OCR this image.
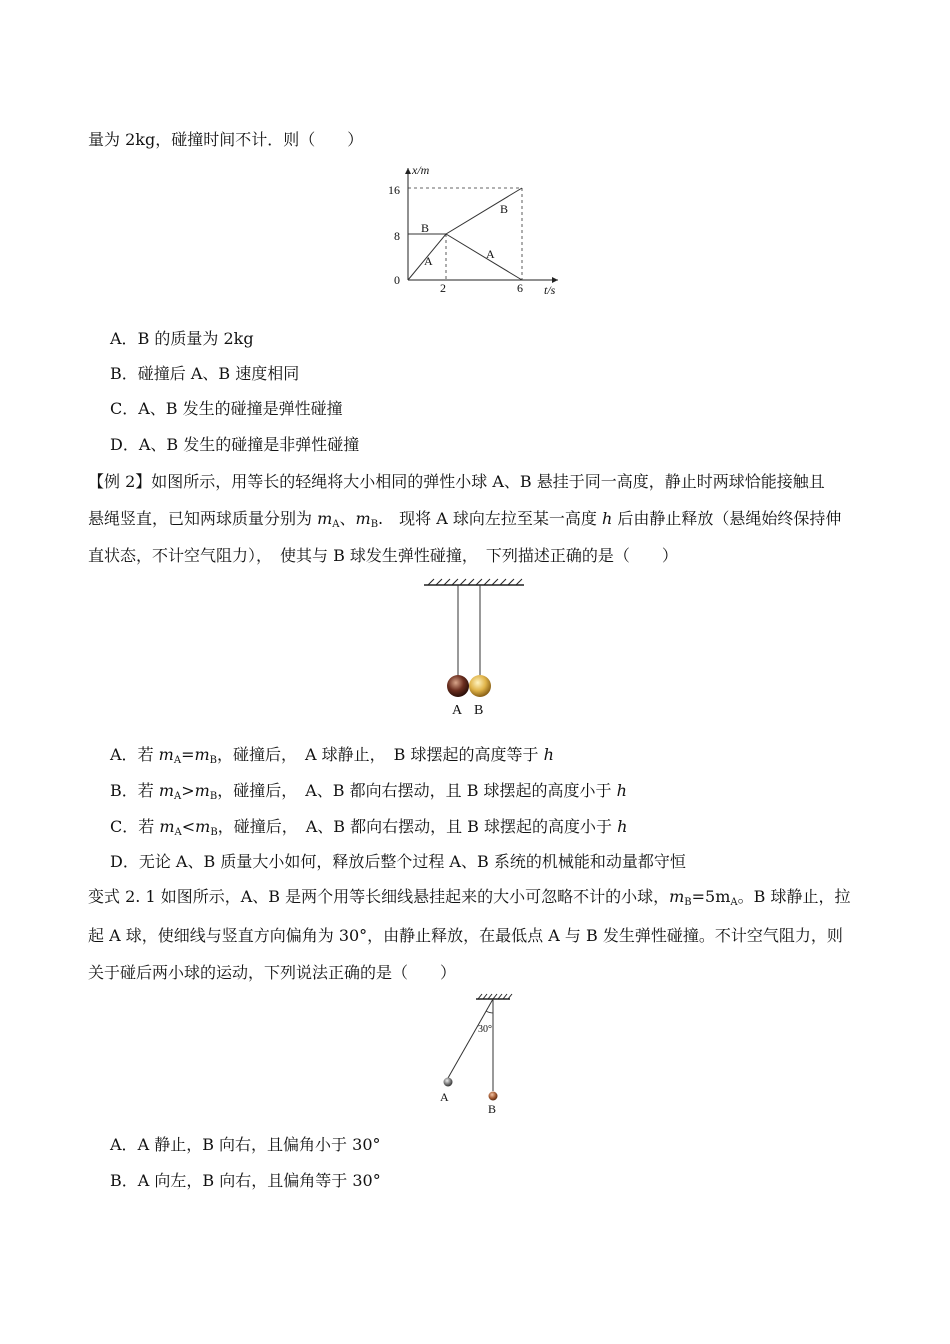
量为 2kg，碰撞时间不计．则（　　）
x/m
t/s
16
8
0
2	6
B
A
B
A
A．B 的质量为 2kg
B．碰撞后 A、B 速度相同
C．A、B 发生的碰撞是弹性碰撞
D．A、B 发生的碰撞是非弹性碰撞
【例 2】如图所示，用等长的轻绳将大小相同的弹性小球 A、B 悬挂于同一高度，静止时两球恰能接触且
悬绳竖直，已知两球质量分别为 $m_A$、$m_B$.　现将 A 球向左拉至某一高度 h 后由静止释放（悬绳始终保持伸
直状态，不计空气阻力），　使其与 B 球发生弹性碰撞，　下列描述正确的是（　　）
A B
A．若 $m_A=m_B$，碰撞后，　A 球静止，　B 球摆起的高度等于 h
B．若 $m_A>m_B$，碰撞后，　A、B 都向右摆动，且 B 球摆起的高度小于 h
C．若 $m_A<m_B$，碰撞后，　A、B 都向右摆动，且 B 球摆起的高度小于 h
D．无论 A、B 质量大小如何，释放后整个过程 A、B 系统的机械能和动量都守恒
变式 2. 1 如图所示，A、B 是两个用等长细线悬挂起来的大小可忽略不计的小球，$m_B=5m_A$。B 球静止，拉
起 A 球，使细线与竖直方向偏角为 30°，由静止释放，在最低点 A 与 B 发生弹性碰撞。不计空气阻力，则
关于碰后两小球的运动，下列说法正确的是（　　）
30°
A
B
A．A 静止，B 向右，且偏角小于 30°
B．A 向左，B 向右，且偏角等于 30°
